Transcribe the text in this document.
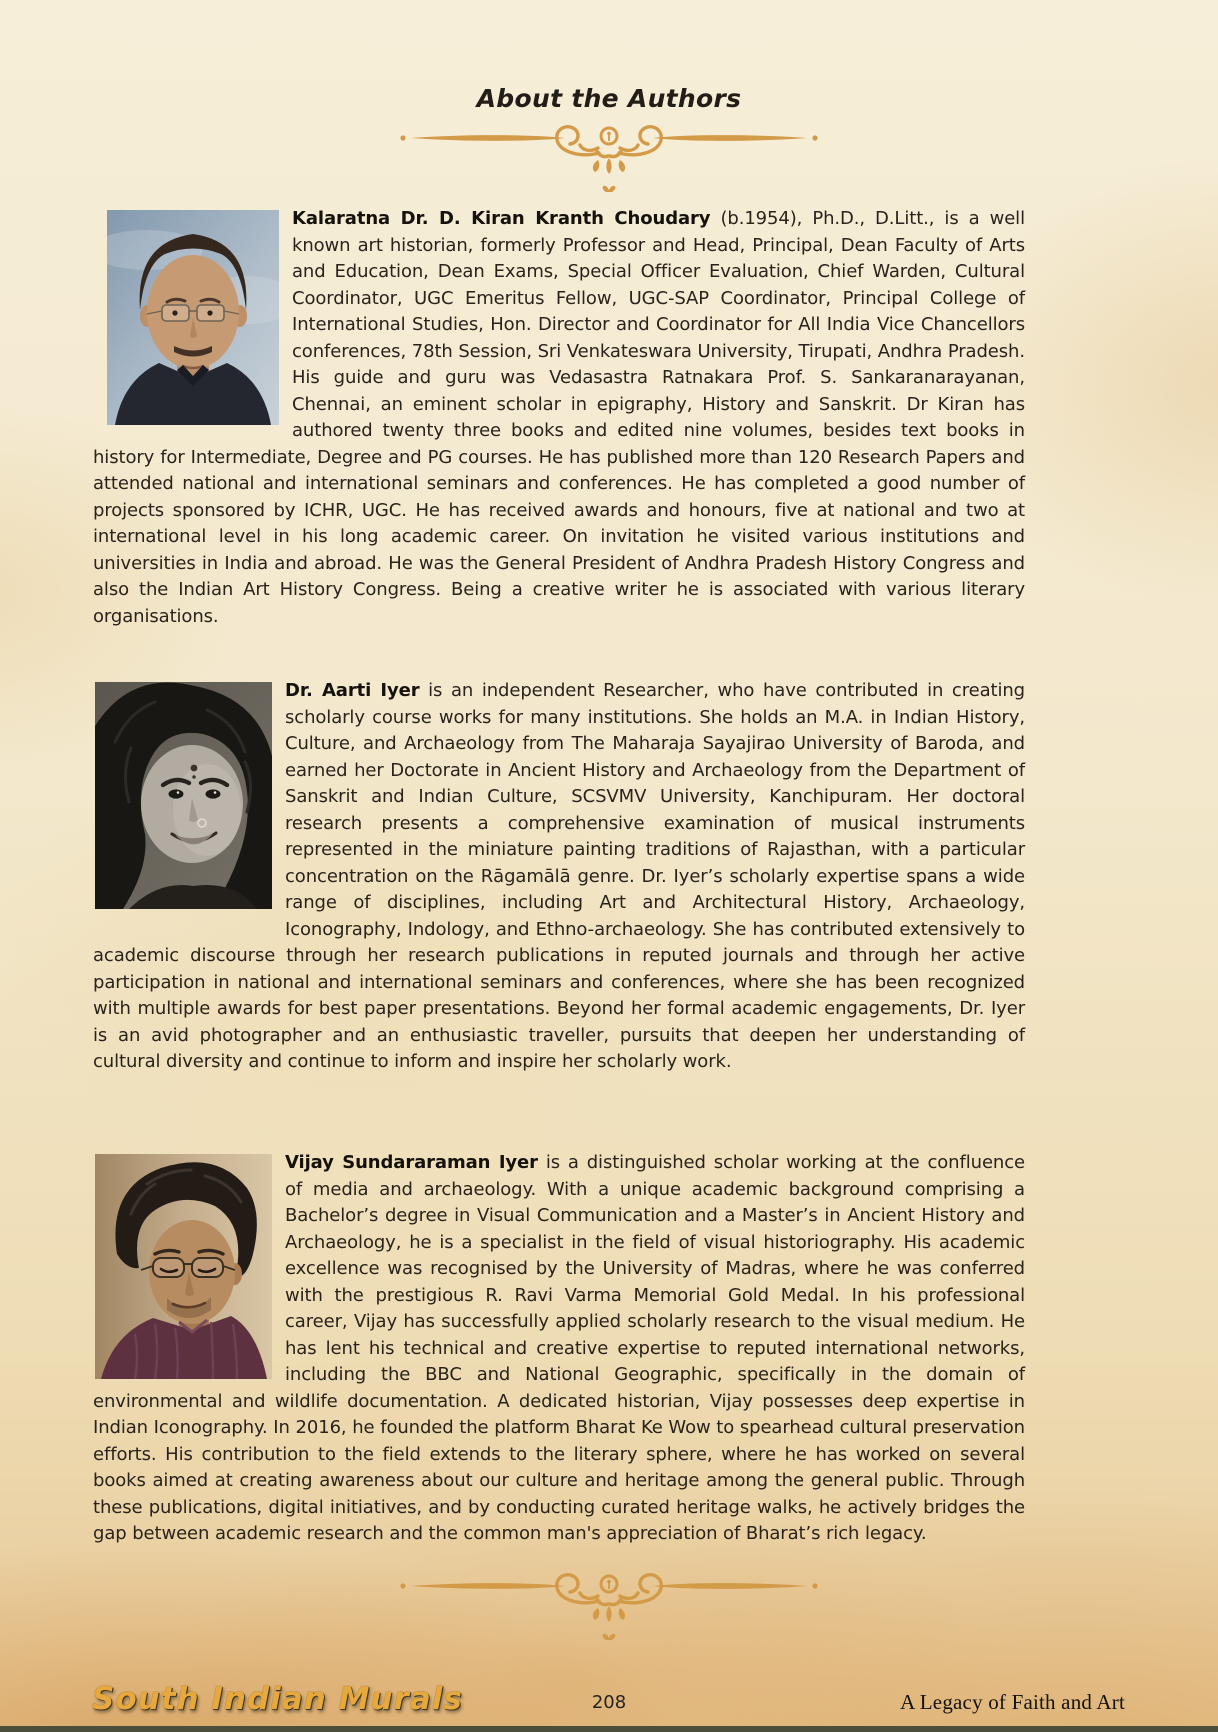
About the Authors

Kalaratna Dr. D. Kiran Kranth Choudary (b.1954), Ph.D., D.Litt., is a well known art historian, formerly Professor and Head, Principal, Dean Faculty of Arts and Education, Dean Exams, Special Officer Evaluation, Chief Warden, Cultural Coordinator, UGC Emeritus Fellow, UGC-SAP Coordinator, Principal College of International Studies, Hon. Director and Coordinator for All India Vice Chancellors conferences, 78th Session, Sri Venkateswara University, Tirupati, Andhra Pradesh. His guide and guru was Vedasastra Ratnakara Prof. S. Sankaranarayanan, Chennai, an eminent scholar in epigraphy, History and Sanskrit. Dr Kiran has authored twenty three books and edited nine volumes, besides text books in history for Intermediate, Degree and PG courses. He has published more than 120 Research Papers and attended national and international seminars and conferences. He has completed a good number of projects sponsored by ICHR, UGC. He has received awards and honours, five at national and two at international level in his long academic career. On invitation he visited various institutions and universities in India and abroad. He was the General President of Andhra Pradesh History Congress and also the Indian Art History Congress. Being a creative writer he is associated with various literary organisations.

Dr. Aarti Iyer is an independent Researcher, who have contributed in creating scholarly course works for many institutions. She holds an M.A. in Indian History, Culture, and Archaeology from The Maharaja Sayajirao University of Baroda, and earned her Doctorate in Ancient History and Archaeology from the Department of Sanskrit and Indian Culture, SCSVMV University, Kanchipuram. Her doctoral research presents a comprehensive examination of musical instruments represented in the miniature painting traditions of Rajasthan, with a particular concentration on the Rāgamālā genre. Dr. Iyer’s scholarly expertise spans a wide range of disciplines, including Art and Architectural History, Archaeology, Iconography, Indology, and Ethno-archaeology. She has contributed extensively to academic discourse through her research publications in reputed journals and through her active participation in national and international seminars and conferences, where she has been recognized with multiple awards for best paper presentations. Beyond her formal academic engagements, Dr. Iyer is an avid photographer and an enthusiastic traveller, pursuits that deepen her understanding of cultural diversity and continue to inform and inspire her scholarly work.

Vijay Sundararaman Iyer is a distinguished scholar working at the confluence of media and archaeology. With a unique academic background comprising a Bachelor’s degree in Visual Communication and a Master’s in Ancient History and Archaeology, he is a specialist in the field of visual historiography. His academic excellence was recognised by the University of Madras, where he was conferred with the prestigious R. Ravi Varma Memorial Gold Medal. In his professional career, Vijay has successfully applied scholarly research to the visual medium. He has lent his technical and creative expertise to reputed international networks, including the BBC and National Geographic, specifically in the domain of environmental and wildlife documentation. A dedicated historian, Vijay possesses deep expertise in Indian Iconography. In 2016, he founded the platform Bharat Ke Wow to spearhead cultural preservation efforts. His contribution to the field extends to the literary sphere, where he has worked on several books aimed at creating awareness about our culture and heritage among the general public. Through these publications, digital initiatives, and by conducting curated heritage walks, he actively bridges the gap between academic research and the common man's appreciation of Bharat’s rich legacy.

South Indian Murals	208	A Legacy of Faith and Art
